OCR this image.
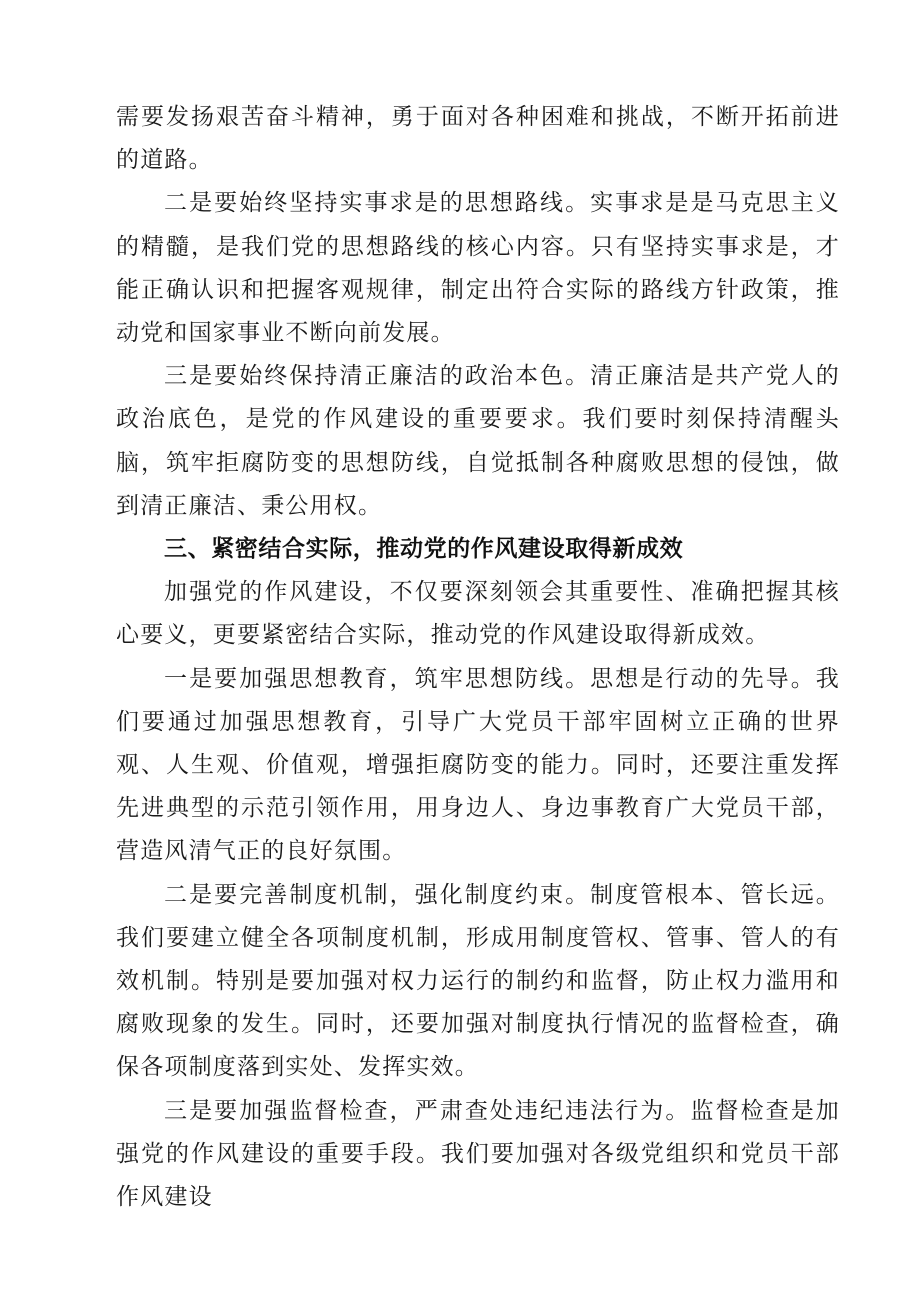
需要发扬艰苦奋斗精神，勇于面对各种困难和挑战，不断开拓前进的道路。

二是要始终坚持实事求是的思想路线。实事求是是马克思主义的精髓，是我们党的思想路线的核心内容。只有坚持实事求是，才能正确认识和把握客观规律，制定出符合实际的路线方针政策，推动党和国家事业不断向前发展。

三是要始终保持清正廉洁的政治本色。清正廉洁是共产党人的政治底色，是党的作风建设的重要要求。我们要时刻保持清醒头脑，筑牢拒腐防变的思想防线，自觉抵制各种腐败思想的侵蚀，做到清正廉洁、秉公用权。

三、紧密结合实际，推动党的作风建设取得新成效

加强党的作风建设，不仅要深刻领会其重要性、准确把握其核心要义，更要紧密结合实际，推动党的作风建设取得新成效。

一是要加强思想教育，筑牢思想防线。思想是行动的先导。我们要通过加强思想教育，引导广大党员干部牢固树立正确的世界观、人生观、价值观，增强拒腐防变的能力。同时，还要注重发挥先进典型的示范引领作用，用身边人、身边事教育广大党员干部，营造风清气正的良好氛围。

二是要完善制度机制，强化制度约束。制度管根本、管长远。我们要建立健全各项制度机制，形成用制度管权、管事、管人的有效机制。特别是要加强对权力运行的制约和监督，防止权力滥用和腐败现象的发生。同时，还要加强对制度执行情况的监督检查，确保各项制度落到实处、发挥实效。

三是要加强监督检查，严肃查处违纪违法行为。监督检查是加强党的作风建设的重要手段。我们要加强对各级党组织和党员干部作风建设
